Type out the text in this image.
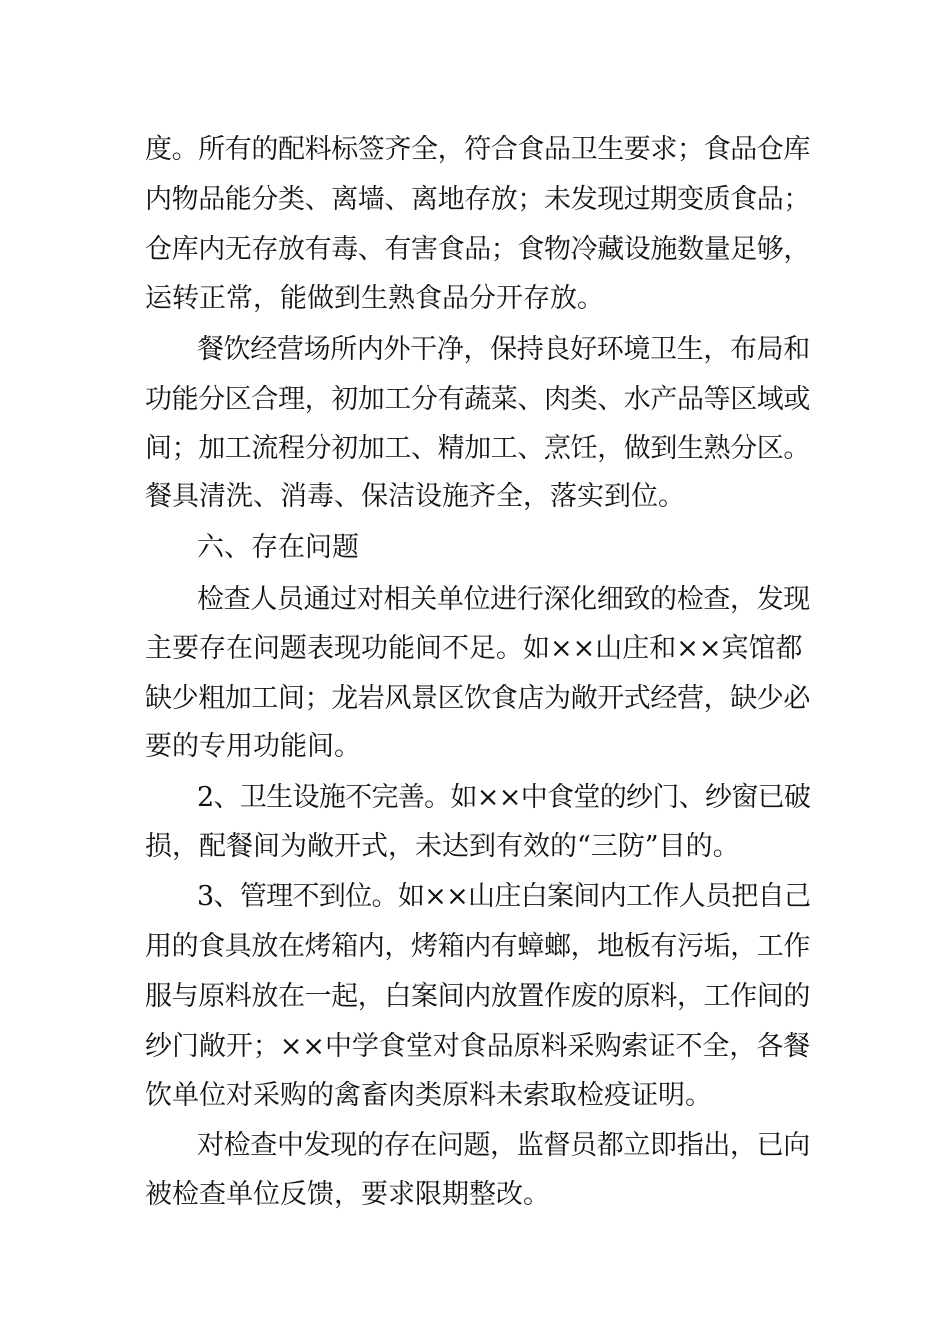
度。所有的配料标签齐全，符合食品卫生要求；食品仓库
内物品能分类、离墙、离地存放；未发现过期变质食品；
仓库内无存放有毒、有害食品；食物冷藏设施数量足够，
运转正常，能做到生熟食品分开存放。
餐饮经营场所内外干净，保持良好环境卫生，布局和
功能分区合理，初加工分有蔬菜、肉类、水产品等区域或
间；加工流程分初加工、精加工、烹饪，做到生熟分区。
餐具清洗、消毒、保洁设施齐全，落实到位。
六、存在问题
检查人员通过对相关单位进行深化细致的检查，发现
主要存在问题表现功能间不足。如××山庄和××宾馆都
缺少粗加工间；龙岩风景区饮食店为敞开式经营，缺少必
要的专用功能间。
2、卫生设施不完善。如××中食堂的纱门、纱窗已破
损，配餐间为敞开式，未达到有效的“三防”目的。
3、管理不到位。如××山庄白案间内工作人员把自己
用的食具放在烤箱内，烤箱内有蟑螂，地板有污垢，工作
服与原料放在一起，白案间内放置作废的原料，工作间的
纱门敞开；××中学食堂对食品原料采购索证不全，各餐
饮单位对采购的禽畜肉类原料未索取检疫证明。
对检查中发现的存在问题，监督员都立即指出，已向
被检查单位反馈，要求限期整改。
